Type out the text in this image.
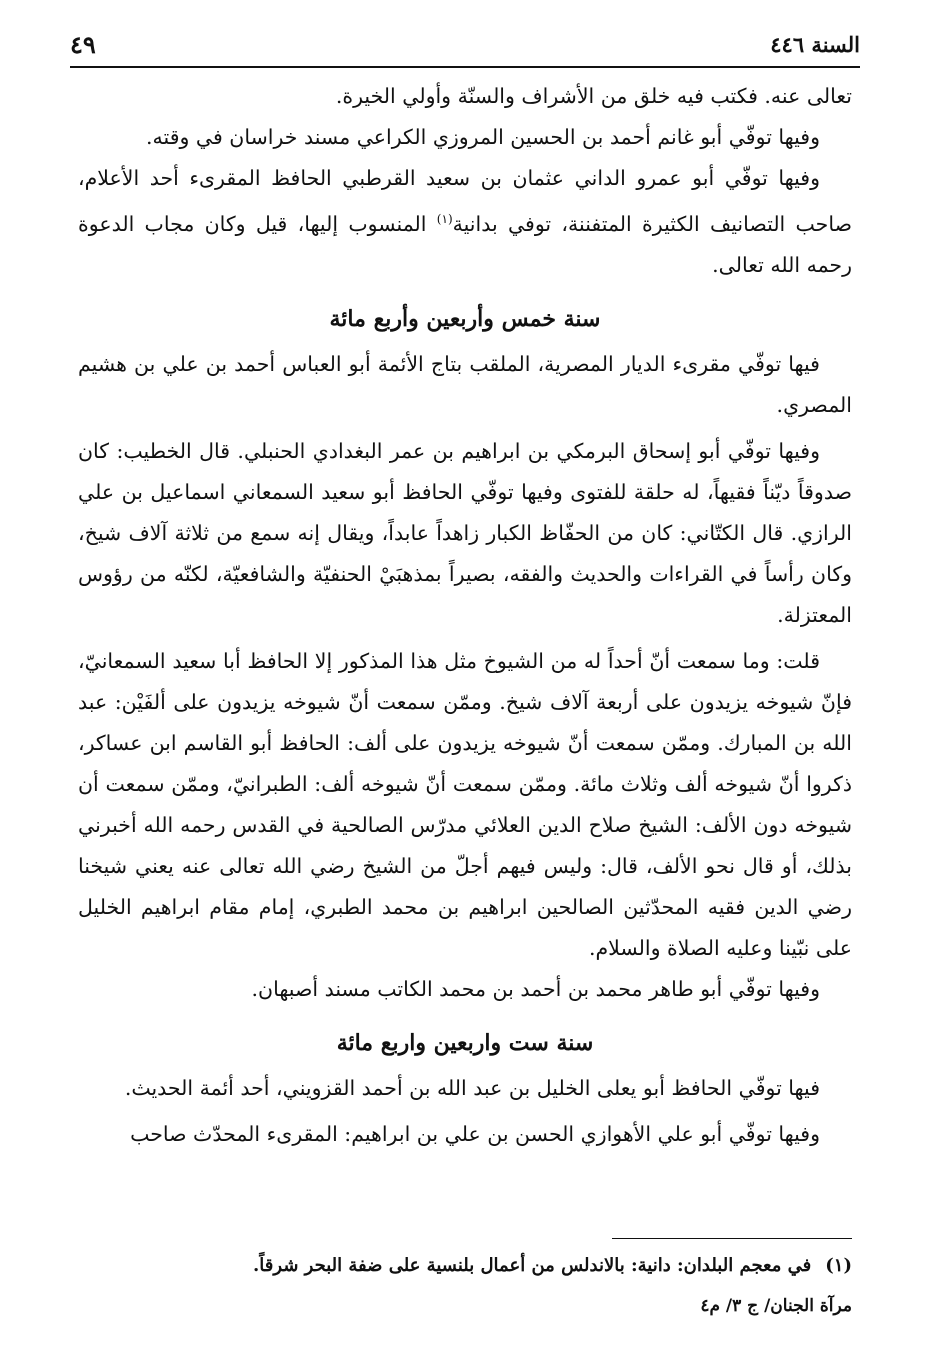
السنة ٤٤٦
٤٩

تعالى عنه. فكتب فيه خلق من الأشراف والسنّة وأولي الخيرة.

وفيها توفّي أبو غانم أحمد بن الحسين المروزي الكراعي مسند خراسان في وقته.

وفيها توفّي أبو عمرو الداني عثمان بن سعيد القرطبي الحافظ المقرىء أحد الأعلام، صاحب التصانيف الكثيرة المتفننة، توفي بدانية$^{(١)}$ المنسوب إليها، قيل وكان مجاب الدعوة رحمه الله تعالى.

سنة خمس وأربعين وأربع مائة

فيها توفّي مقرىء الديار المصرية، الملقب بتاج الأئمة أبو العباس أحمد بن علي بن هشيم المصري.

وفيها توفّي أبو إسحاق البرمكي بن ابراهيم بن عمر البغدادي الحنبلي. قال الخطيب: كان صدوقاً ديّناً فقيهاً، له حلقة للفتوى وفيها توفّي الحافظ أبو سعيد السمعاني اسماعيل بن علي الرازي. قال الكتّاني: كان من الحفّاظ الكبار زاهداً عابداً، ويقال إنه سمع من ثلاثة آلاف شيخ، وكان رأساً في القراءات والحديث والفقه، بصيراً بمذهبَيْ الحنفيّة والشافعيّة، لكنّه من رؤوس المعتزلة.

قلت: وما سمعت أنّ أحداً له من الشيوخ مثل هذا المذكور إلا الحافظ أبا سعيد السمعانيّ، فإنّ شيوخه يزيدون على أربعة آلاف شيخ. وممّن سمعت أنّ شيوخه يزيدون على ألفَيْن: عبد الله بن المبارك. وممّن سمعت أنّ شيوخه يزيدون على ألف: الحافظ أبو القاسم ابن عساكر، ذكروا أنّ شيوخه ألف وثلاث مائة. وممّن سمعت أنّ شيوخه ألف: الطبرانيّ، وممّن سمعت أن شيوخه دون الألف: الشيخ صلاح الدين العلائي مدرّس الصالحية في القدس رحمه الله أخبرني بذلك، أو قال نحو الألف، قال: وليس فيهم أجلّ من الشيخ رضي الله تعالى عنه يعني شيخنا رضي الدين فقيه المحدّثين الصالحين ابراهيم بن محمد الطبري، إمام مقام ابراهيم الخليل على نبّينا وعليه الصلاة والسلام.

وفيها توفّي أبو طاهر محمد بن أحمد بن محمد الكاتب مسند أصبهان.

سنة ست واربعين واربع مائة

فيها توفّي الحافظ أبو يعلى الخليل بن عبد الله بن أحمد القزويني، أحد أئمة الحديث.

وفيها توفّي أبو علي الأهوازي الحسن بن علي بن ابراهيم: المقرىء المحدّث صاحب

(١)في معجم البلدان: دانية: بالاندلس من أعمال بلنسية على ضفة البحر شرقاً.
مرآة الجنان/ ج ٣/ م٤
